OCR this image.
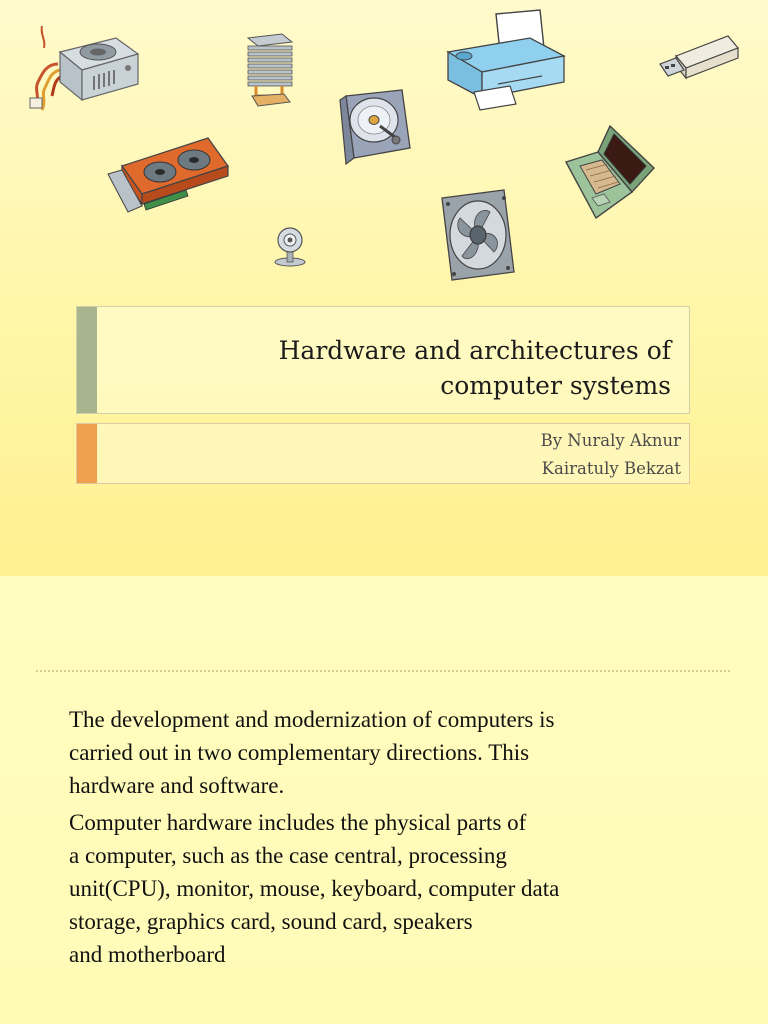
Hardware and architectures of
computer systems
By Nuraly Aknur
Kairatuly Bekzat

The development and modernization of computers is
carried out in two complementary directions. This
hardware and software.

Computer hardware includes the physical parts of
a computer, such as the case central, processing
unit(CPU), monitor, mouse, keyboard, computer data
storage, graphics card, sound card, speakers
and motherboard
